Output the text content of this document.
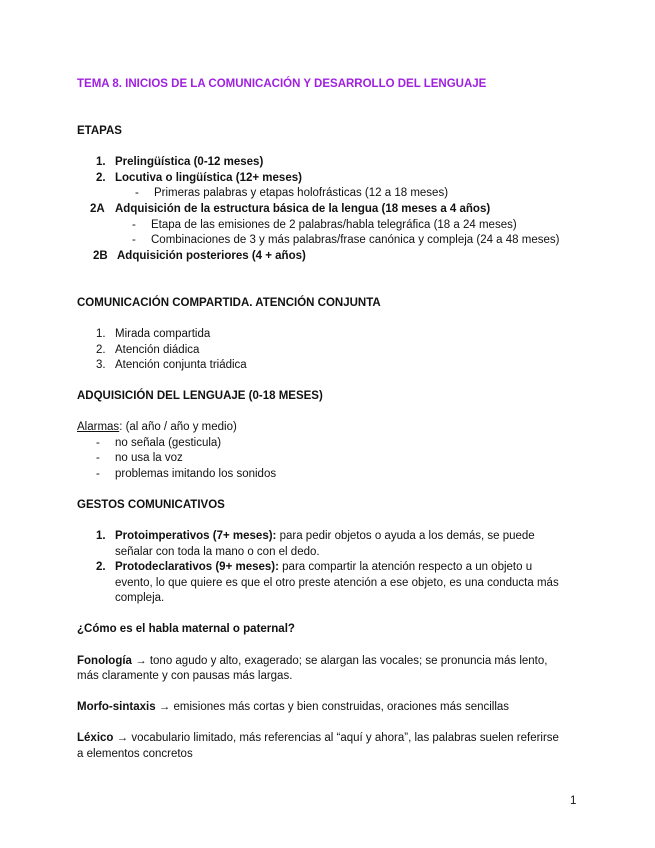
TEMA 8. INICIOS DE LA COMUNICACIÓN Y DESARROLLO DEL LENGUAJE
ETAPAS
1. Prelingüística (0-12 meses)
2. Locutiva o lingüística (12+ meses)
- Primeras palabras y etapas holofrásticas (12 a 18 meses)
2A Adquisición de la estructura básica de la lengua (18 meses a 4 años)
- Etapa de las emisiones de 2 palabras/habla telegráfica (18 a 24 meses)
- Combinaciones de 3 y más palabras/frase canónica y compleja (24 a 48 meses)
2B Adquisición posteriores (4 + años)
COMUNICACIÓN COMPARTIDA. ATENCIÓN CONJUNTA
1. Mirada compartida
2. Atención diádica
3. Atención conjunta triádica
ADQUISICIÓN DEL LENGUAJE (0-18 MESES)
Alarmas: (al año / año y medio)
- no señala (gesticula)
- no usa la voz
- problemas imitando los sonidos
GESTOS COMUNICATIVOS
1. Protoimperativos (7+ meses): para pedir objetos o ayuda a los demás, se puede
señalar con toda la mano o con el dedo.
2. Protodeclarativos (9+ meses): para compartir la atención respecto a un objeto u
evento, lo que quiere es que el otro preste atención a ese objeto, es una conducta más
compleja.
¿Cómo es el habla maternal o paternal?
Fonología → tono agudo y alto, exagerado; se alargan las vocales; se pronuncia más lento,
más claramente y con pausas más largas.
Morfo-sintaxis → emisiones más cortas y bien construidas, oraciones más sencillas
Léxico → vocabulario limitado, más referencias al “aquí y ahora”, las palabras suelen referirse
a elementos concretos
1
